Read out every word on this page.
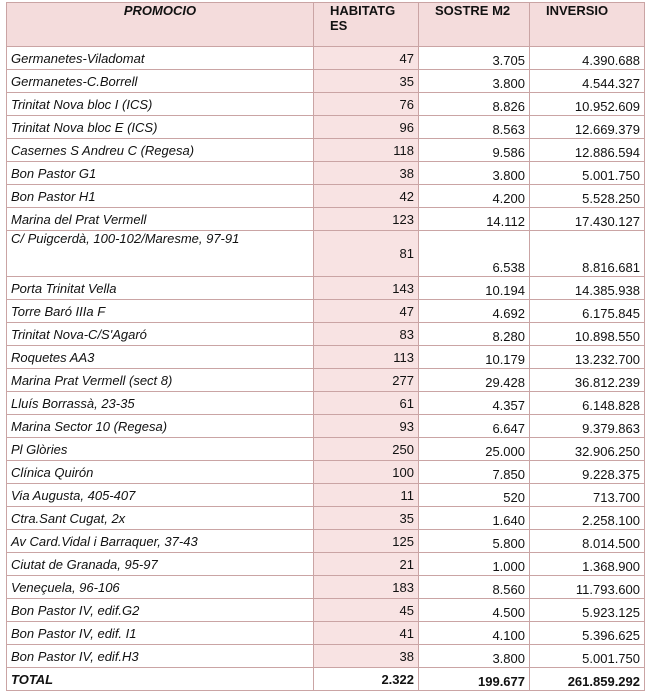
PROMOCIO	HABITATG ES	SOSTRE M2	INVERSIO
Germanetes-Viladomat	47	3.705	4.390.688
Germanetes-C.Borrell	35	3.800	4.544.327
Trinitat Nova bloc I (ICS)	76	8.826	10.952.609
Trinitat Nova bloc E (ICS)	96	8.563	12.669.379
Casernes S Andreu C (Regesa)	118	9.586	12.886.594
Bon Pastor G1	38	3.800	5.001.750
Bon Pastor H1	42	4.200	5.528.250
Marina del Prat Vermell	123	14.112	17.430.127
C/ Puigcerdà, 100-102/Maresme, 97-91	81	6.538	8.816.681
Porta Trinitat Vella	143	10.194	14.385.938
Torre Baró IIIa F	47	4.692	6.175.845
Trinitat Nova-C/S'Agaró	83	8.280	10.898.550
Roquetes AA3	113	10.179	13.232.700
Marina Prat Vermell (sect 8)	277	29.428	36.812.239
Lluís Borrassà, 23-35	61	4.357	6.148.828
Marina Sector 10 (Regesa)	93	6.647	9.379.863
Pl Glòries	250	25.000	32.906.250
Clínica Quirón	100	7.850	9.228.375
Via Augusta, 405-407	11	520	713.700
Ctra.Sant Cugat, 2x	35	1.640	2.258.100
Av Card.Vidal i Barraquer, 37-43	125	5.800	8.014.500
Ciutat de Granada, 95-97	21	1.000	1.368.900
Veneçuela, 96-106	183	8.560	11.793.600
Bon Pastor IV, edif.G2	45	4.500	5.923.125
Bon Pastor IV, edif. I1	41	4.100	5.396.625
Bon Pastor IV, edif.H3	38	3.800	5.001.750
TOTAL	2.322	199.677	261.859.292
